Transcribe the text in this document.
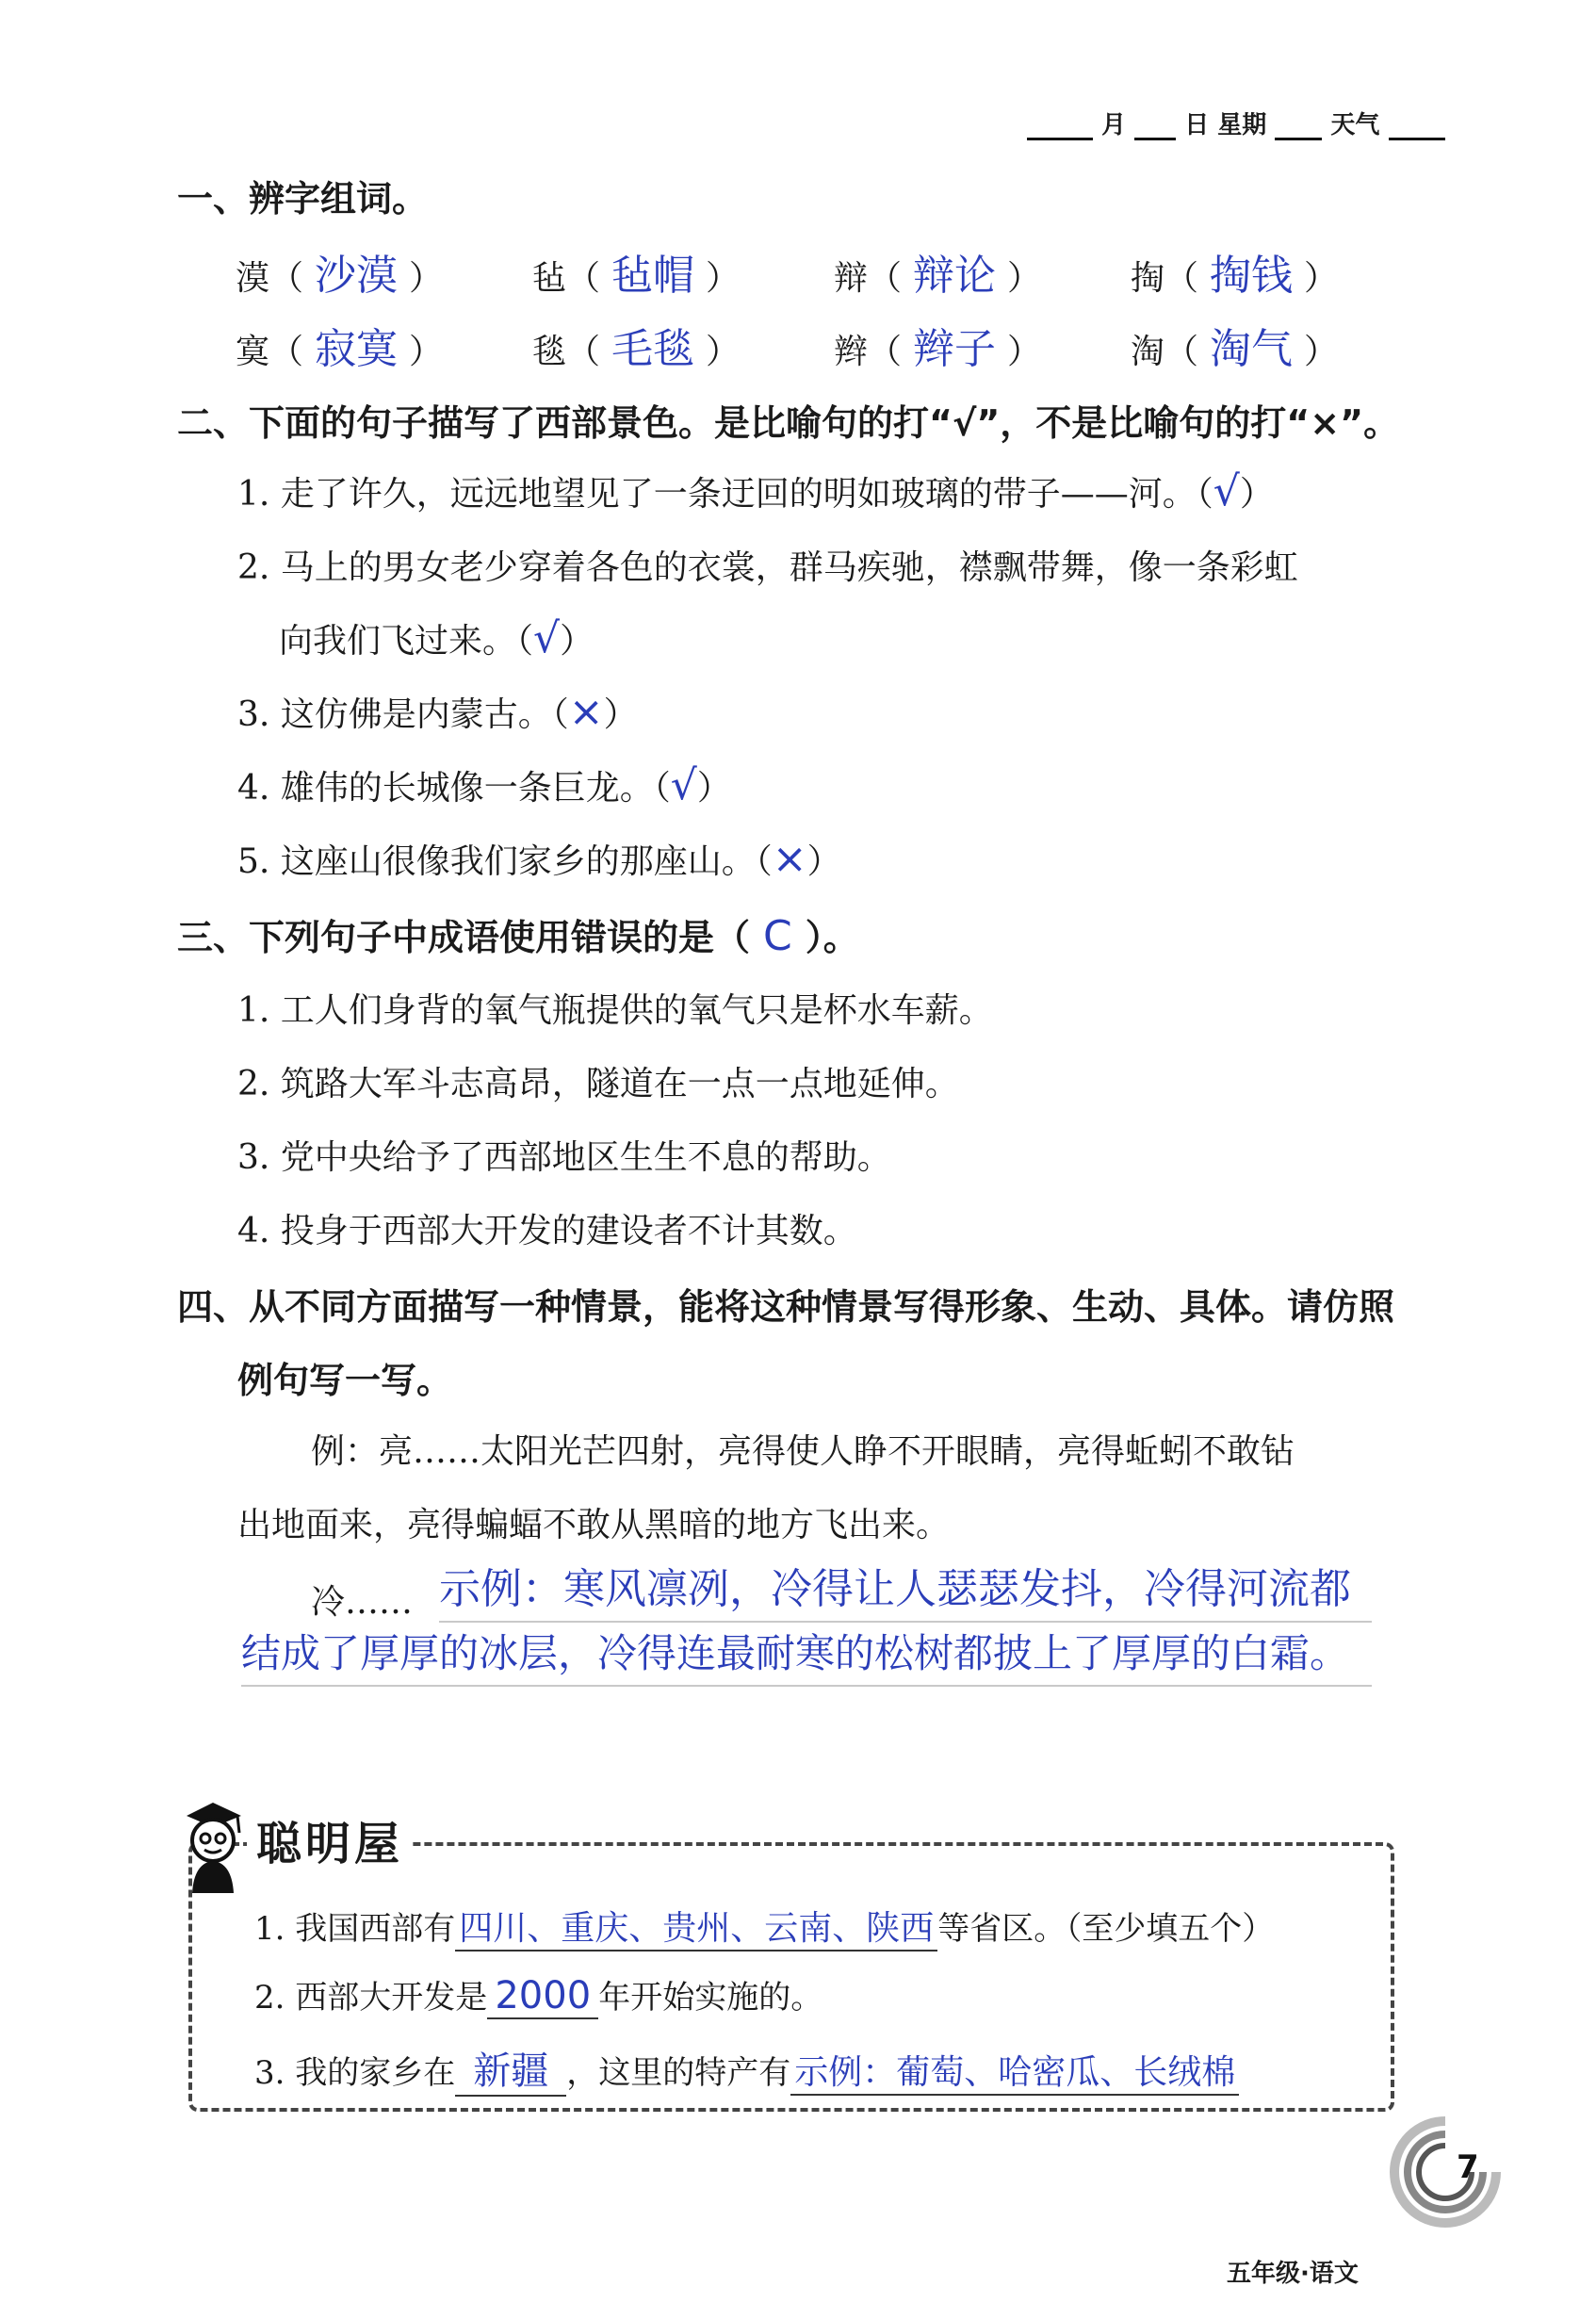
月 日 星期	天气
一、辨字组词。
漠（ 沙漠 ）	毡（ 毡帽 ）	辩（ 辩论 ）	掏（ 掏钱 ）
寞（ 寂寞 ）	毯（ 毛毯 ）	辫（ 辫子 ）	淘（ 淘气 ）
二、下面的句子描写了西部景色。是比喻句的打“√”，不是比喻句的打“×”。
1. 走了许久，远远地望见了一条迂回的明如玻璃的带子——河。（√）
2. 马上的男女老少穿着各色的衣裳，群马疾驰，襟飘带舞，像一条彩虹
向我们飞过来。（√）
3. 这仿佛是内蒙古。（×）
4. 雄伟的长城像一条巨龙。（√）
5. 这座山很像我们家乡的那座山。（×）
三、下列句子中成语使用错误的是（ C ）。
1. 工人们身背的氧气瓶提供的氧气只是杯水车薪。
2. 筑路大军斗志高昂，隧道在一点一点地延伸。
3. 党中央给予了西部地区生生不息的帮助。
4. 投身于西部大开发的建设者不计其数。
四、从不同方面描写一种情景，能将这种情景写得形象、生动、具体。请仿照
例句写一写。
例：亮……太阳光芒四射，亮得使人睁不开眼睛，亮得蚯蚓不敢钻
出地面来，亮得蝙蝠不敢从黑暗的地方飞出来。
冷…… 示例：寒风凛冽，冷得让人瑟瑟发抖，冷得河流都
结成了厚厚的冰层，冷得连最耐寒的松树都披上了厚厚的白霜。
聪明屋
1. 我国西部有 四川、重庆、贵州、云南、陕西 等省区。（至少填五个）
2. 西部大开发是 2000 年开始实施的。
3. 我的家乡在 新疆 ，这里的特产有 示例：葡萄、哈密瓜、长绒棉
五年级·语文
7
